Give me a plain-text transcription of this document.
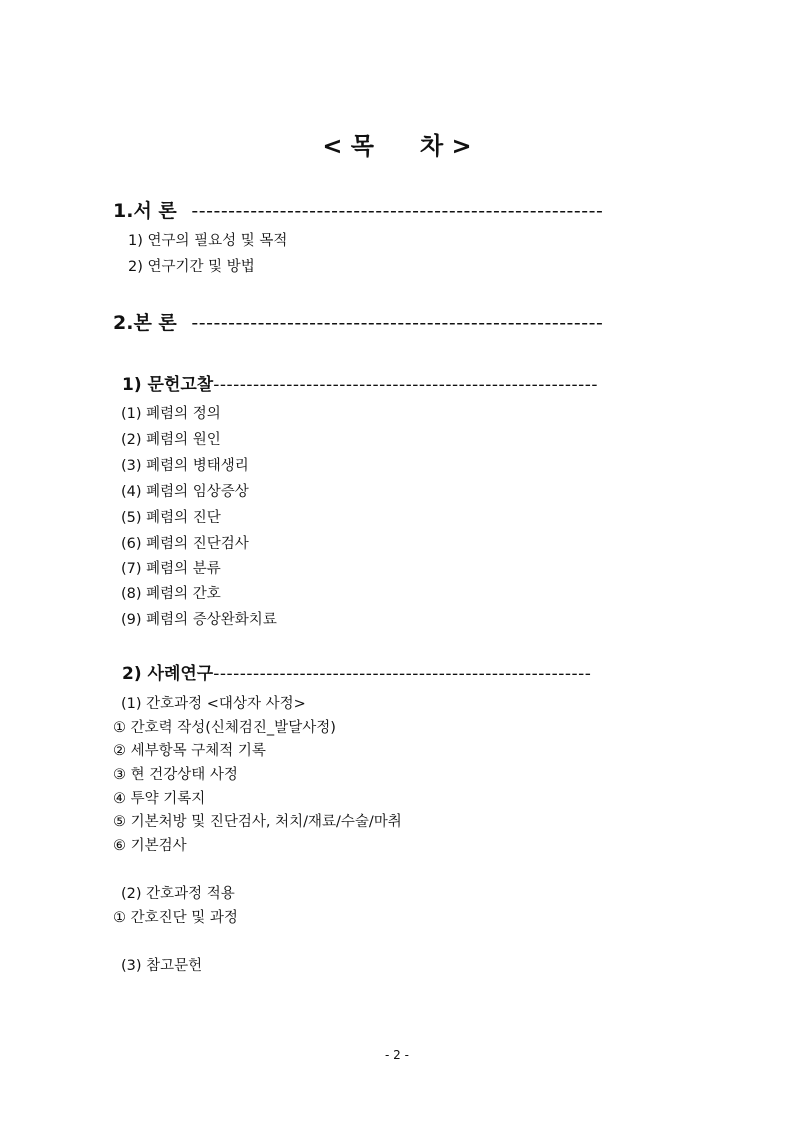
< 목 차 >
1.서 론 --------------------------------------------------------
1) 연구의 필요성 및 목적
2) 연구기간 및 방법
2.본 론 --------------------------------------------------------
1) 문헌고찰----------------------------------------------------------
(1) 폐렴의 정의
(2) 폐렴의 원인
(3) 폐렴의 병태생리
(4) 폐렴의 임상증상
(5) 폐렴의 진단
(6) 폐렴의 진단검사
(7) 폐렴의 분류
(8) 폐렴의 간호
(9) 폐렴의 증상완화치료
2) 사례연구---------------------------------------------------------
(1) 간호과정 <대상자 사정>
① 간호력 작성(신체검진_발달사정)
② 세부항목 구체적 기록
③ 현 건강상태 사정
④ 투약 기록지
⑤ 기본처방 및 진단검사, 처치/재료/수술/마취
⑥ 기본검사
(2) 간호과정 적용
① 간호진단 및 과정
(3) 참고문헌
- 2 -
